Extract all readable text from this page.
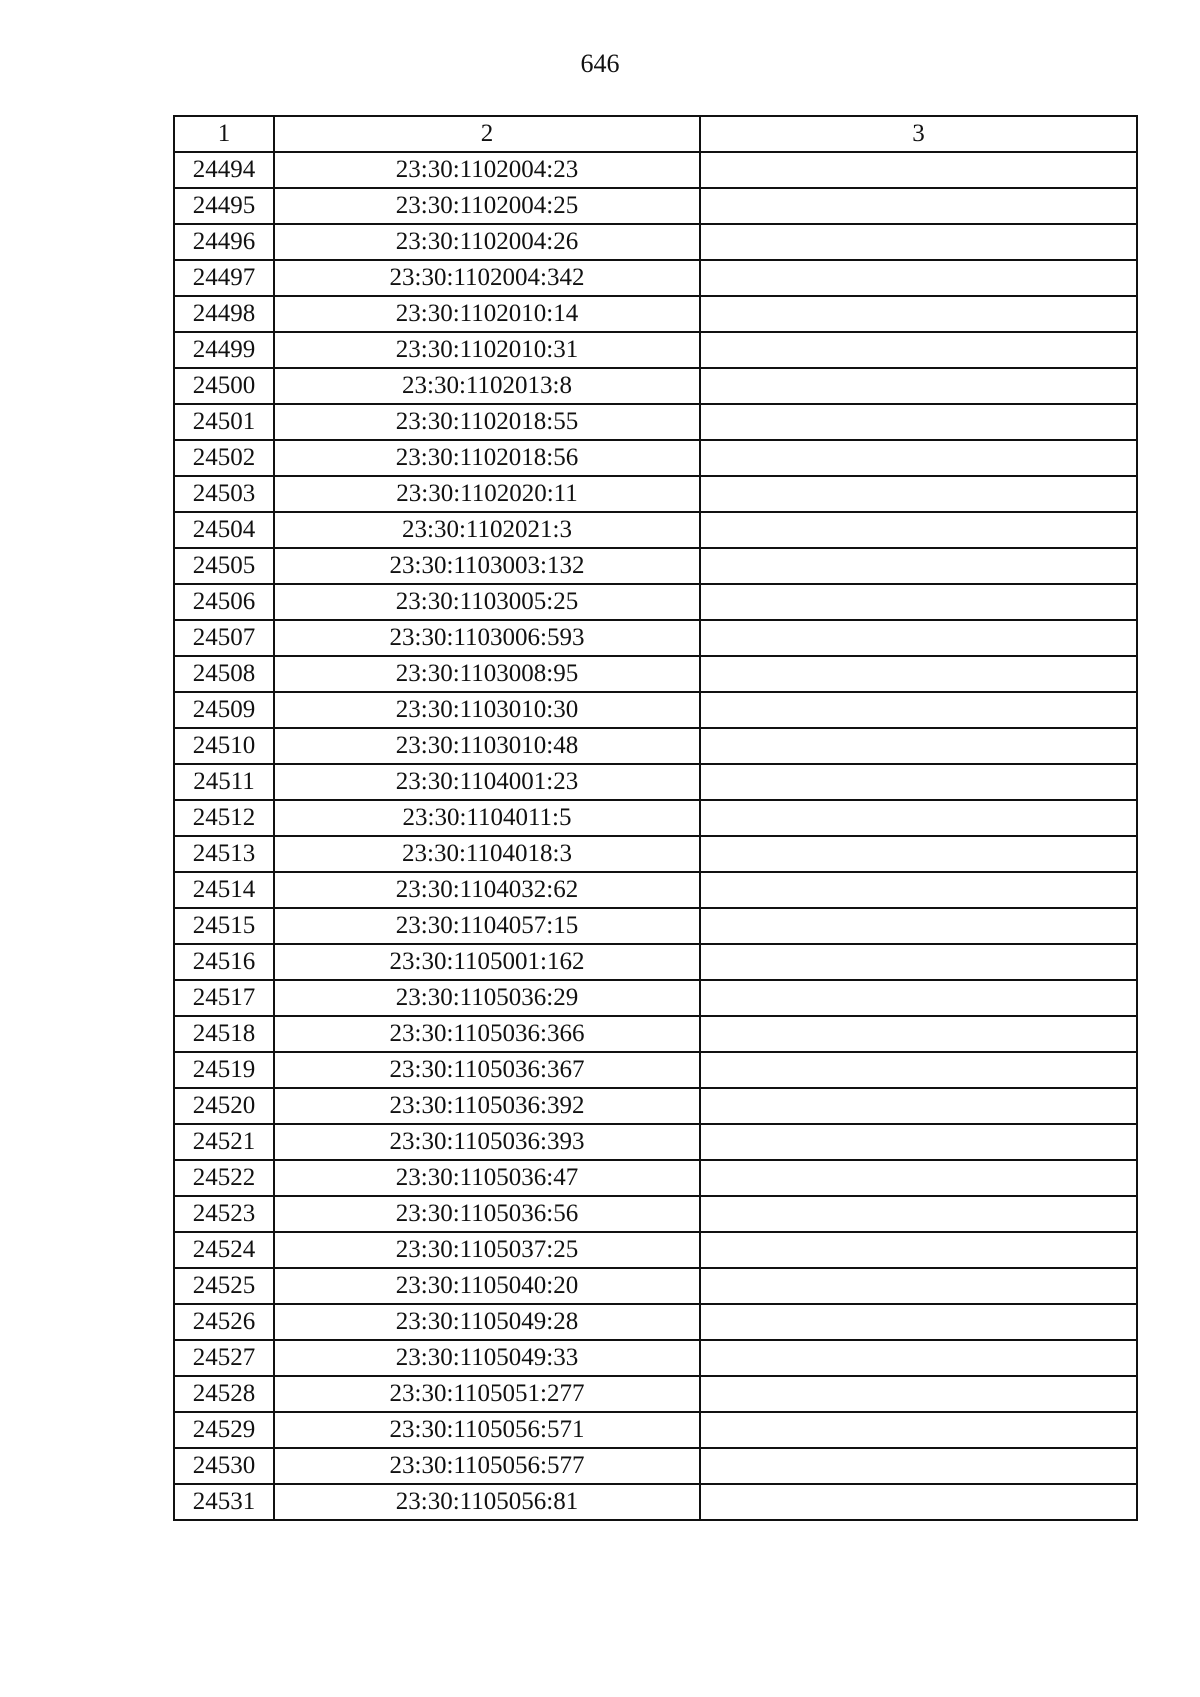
646
1	2	3
24494	23:30:1102004:23	
24495	23:30:1102004:25	
24496	23:30:1102004:26	
24497	23:30:1102004:342	
24498	23:30:1102010:14	
24499	23:30:1102010:31	
24500	23:30:1102013:8	
24501	23:30:1102018:55	
24502	23:30:1102018:56	
24503	23:30:1102020:11	
24504	23:30:1102021:3	
24505	23:30:1103003:132	
24506	23:30:1103005:25	
24507	23:30:1103006:593	
24508	23:30:1103008:95	
24509	23:30:1103010:30	
24510	23:30:1103010:48	
24511	23:30:1104001:23	
24512	23:30:1104011:5	
24513	23:30:1104018:3	
24514	23:30:1104032:62	
24515	23:30:1104057:15	
24516	23:30:1105001:162	
24517	23:30:1105036:29	
24518	23:30:1105036:366	
24519	23:30:1105036:367	
24520	23:30:1105036:392	
24521	23:30:1105036:393	
24522	23:30:1105036:47	
24523	23:30:1105036:56	
24524	23:30:1105037:25	
24525	23:30:1105040:20	
24526	23:30:1105049:28	
24527	23:30:1105049:33	
24528	23:30:1105051:277	
24529	23:30:1105056:571	
24530	23:30:1105056:577	
24531	23:30:1105056:81	
